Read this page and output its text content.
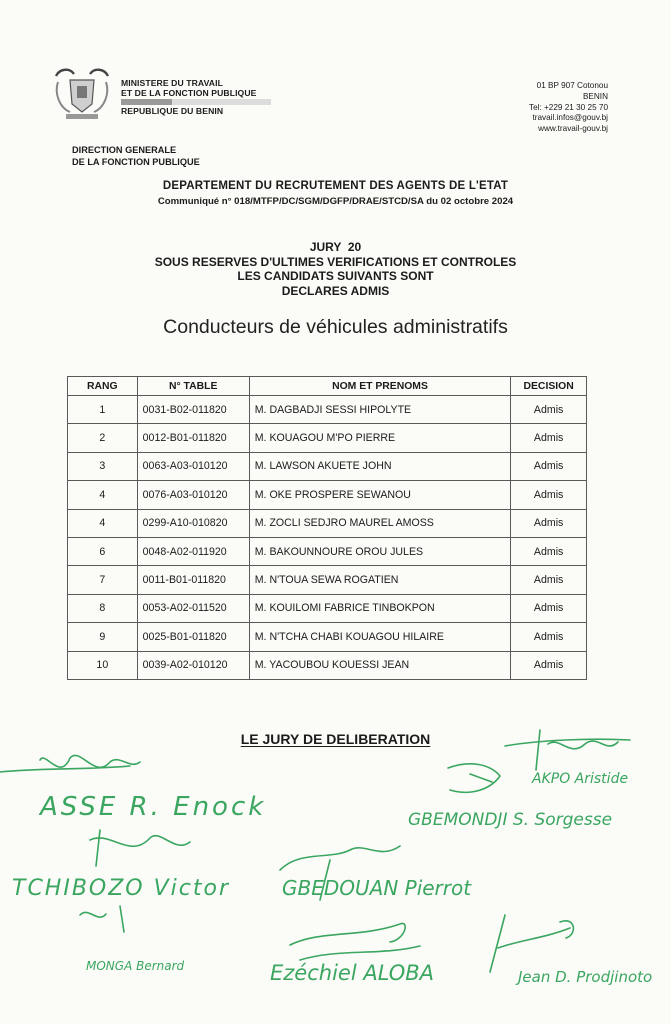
MINISTERE DU TRAVAIL
ET DE LA FONCTION PUBLIQUE
REPUBLIQUE DU BENIN
01 BP 907 Cotonou
BENIN
Tel: +229 21 30 25 70
travail.infos@gouv.bj
www.travail-gouv.bj
DIRECTION GENERALE
DE LA FONCTION PUBLIQUE
DEPARTEMENT DU RECRUTEMENT DES AGENTS DE L'ETAT
Communiqué n° 018/MTFP/DC/SGM/DGFP/DRAE/STCD/SA du 02 octobre 2024
JURY  20
SOUS RESERVES D'ULTIMES VERIFICATIONS ET CONTROLES
LES CANDIDATS SUIVANTS SONT
DECLARES ADMIS
Conducteurs de véhicules administratifs
RANG	N° TABLE	NOM ET PRENOMS	DECISION
1	0031-B02-011820	M. DAGBADJI SESSI HIPOLYTE	Admis
2	0012-B01-011820	M. KOUAGOU M'PO PIERRE	Admis
3	0063-A03-010120	M. LAWSON AKUETE JOHN	Admis
4	0076-A03-010120	M. OKE PROSPERE SEWANOU	Admis
4	0299-A10-010820	M. ZOCLI SEDJRO MAUREL AMOSS	Admis
6	0048-A02-011920	M. BAKOUNNOURE OROU JULES	Admis
7	0011-B01-011820	M. N'TOUA SEWA ROGATIEN	Admis
8	0053-A02-011520	M. KOUILOMI FABRICE TINBOKPON	Admis
9	0025-B01-011820	M. N'TCHA CHABI KOUAGOU HILAIRE	Admis
10	0039-A02-010120	M. YACOUBOU KOUESSI JEAN	Admis
LE JURY DE DELIBERATION
ASSE R. Enock
AKPO Aristide
GBEMONDJI S. Sorgesse
TCHIBOZO Victor	GBEDOUAN Pierrot
MONGA Bernard	Ezéchiel ALOBA	Jean D. Prodjinoto
